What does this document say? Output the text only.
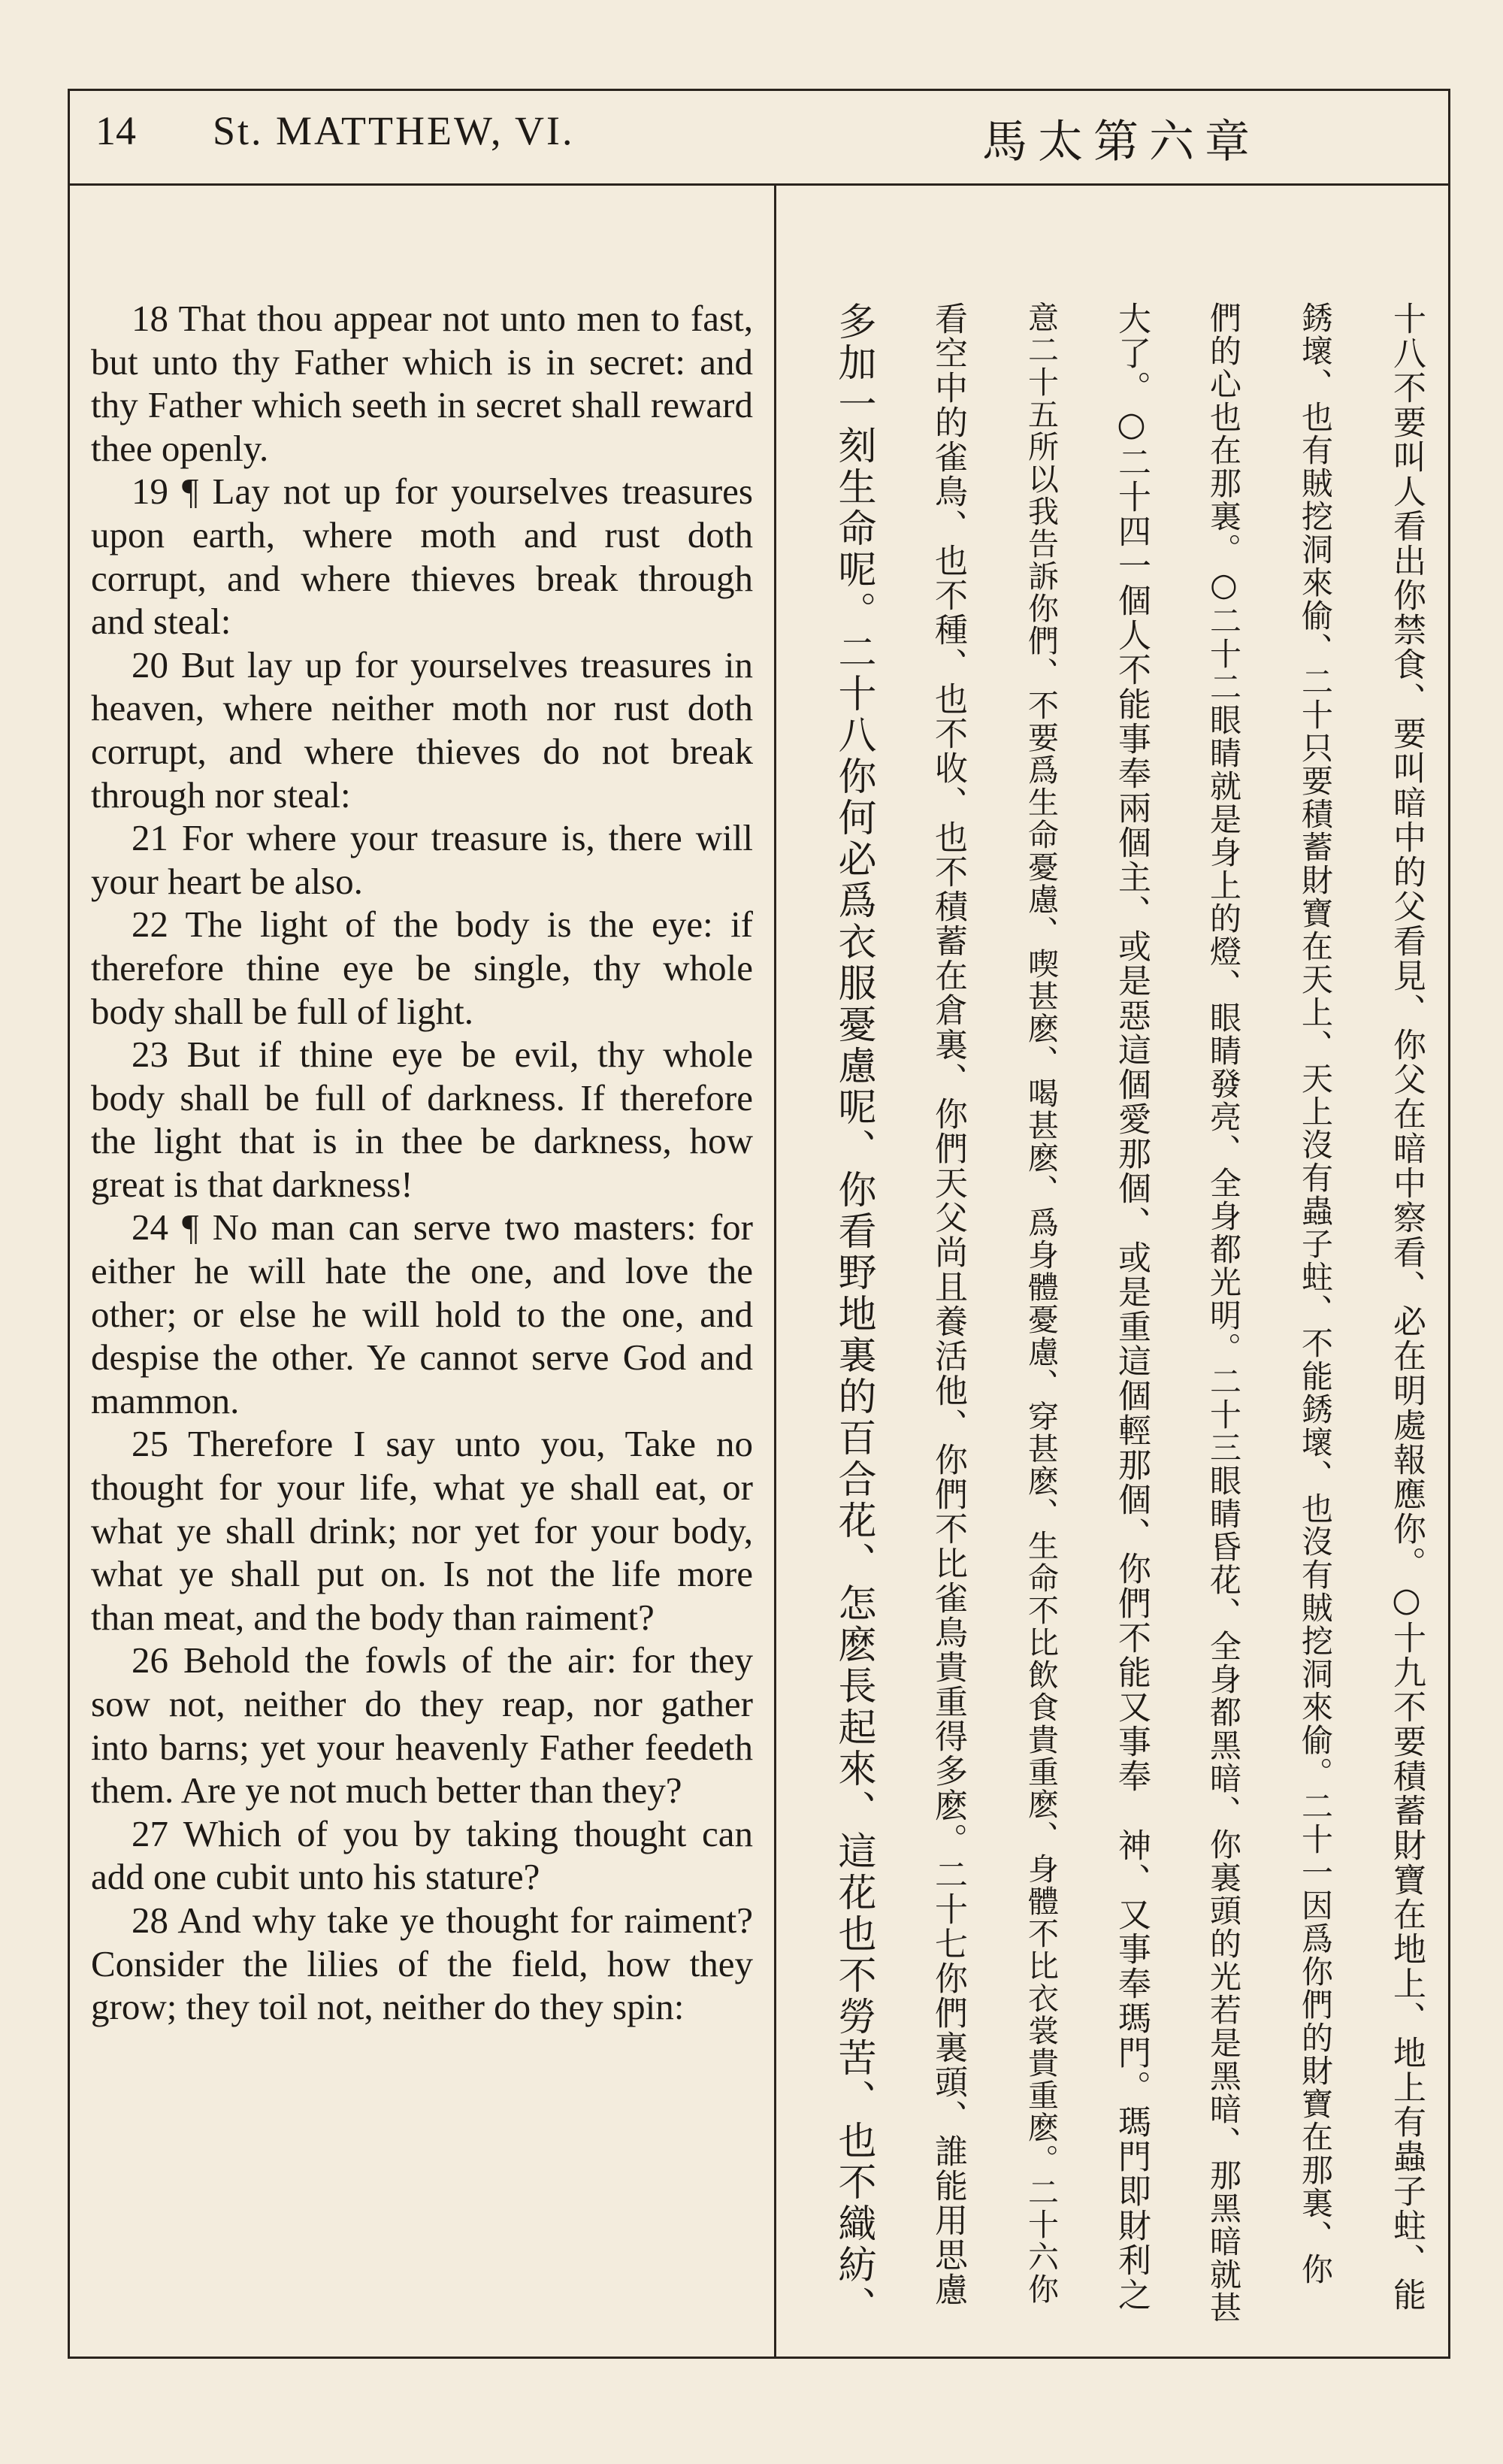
14 St. MATTHEW, VI.	馬太第六章

18 That thou appear not unto men to fast, but unto thy Father which is in secret: and thy Father which seeth in secret shall reward thee openly.

19 ¶ Lay not up for yourselves treasures upon earth, where moth and rust doth corrupt, and where thieves break through and steal:

20 But lay up for yourselves treasures in heaven, where neither moth nor rust doth corrupt, and where thieves do not break through nor steal:

21 For where your treasure is, there will your heart be also.

22 The light of the body is the eye: if therefore thine eye be single, thy whole body shall be full of light.

23 But if thine eye be evil, thy whole body shall be full of darkness. If therefore the light that is in thee be darkness, how great is that darkness!

24 ¶ No man can serve two masters: for either he will hate the one, and love the other; or else he will hold to the one, and despise the other. Ye cannot serve God and mammon.

25 Therefore I say unto you, Take no thought for your life, what ye shall eat, or what ye shall drink; nor yet for your body, what ye shall put on. Is not the life more than meat, and the body than raiment?

26 Behold the fowls of the air: for they sow not, neither do they reap, nor gather into barns; yet your heavenly Father feedeth them. Are ye not much better than they?

27 Which of you by taking thought can add one cubit unto his stature?

28 And why take ye thought for raiment? Consider the lilies of the field, how they grow; they toil not, neither do they spin:	十八不要叫人看出你禁食、要叫暗中的父看見、你父在暗中察看、必在明處報應你。○十九不要積蓄財寶在地上、地上有蟲子蛀、能
銹壞、也有賊挖洞來偷、二十只要積蓄財寶在天上、天上沒有蟲子蛀、不能銹壞、也沒有賊挖洞來偷。二十一因爲你們的財寶在那裏、你
們的心也在那裏。○二十二眼睛就是身上的燈、眼睛發亮、全身都光明。二十三眼睛昏花、全身都黑暗、你裏頭的光若是黑暗、那黑暗就甚
大了。○二十四一個人不能事奉兩個主、或是惡這個愛那個、或是重這個輕那個、你們不能又事奉　神、又事奉瑪門。瑪門即財利之
意二十五所以我告訴你們、不要爲生命憂慮、喫甚麽、喝甚麽、爲身體憂慮、穿甚麽、生命不比飲食貴重麽、身體不比衣裳貴重麽。二十六你
看空中的雀鳥、也不種、也不收、也不積蓄在倉裏、你們天父尚且養活他、你們不比雀鳥貴重得多麽。二十七你們裏頭、誰能用思慮
多加一刻生命呢。二十八你何必爲衣服憂慮呢、你看野地裏的百合花、怎麽長起來、這花也不勞苦、也不織紡、
